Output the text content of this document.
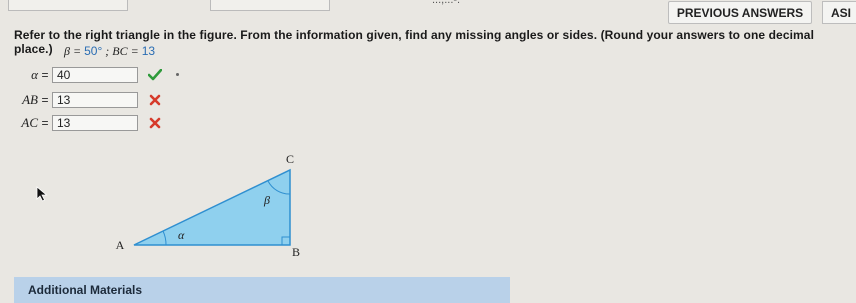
...,...-.
PREVIOUS ANSWERS	ASI
Refer to the right triangle in the figure. From the information given, find any missing angles or sides. (Round your answers to one decimal place.) β = 50° ; BC = 13
α = 40
AB = 13
AC = 13
C
A	B
α
β
Additional Materials
